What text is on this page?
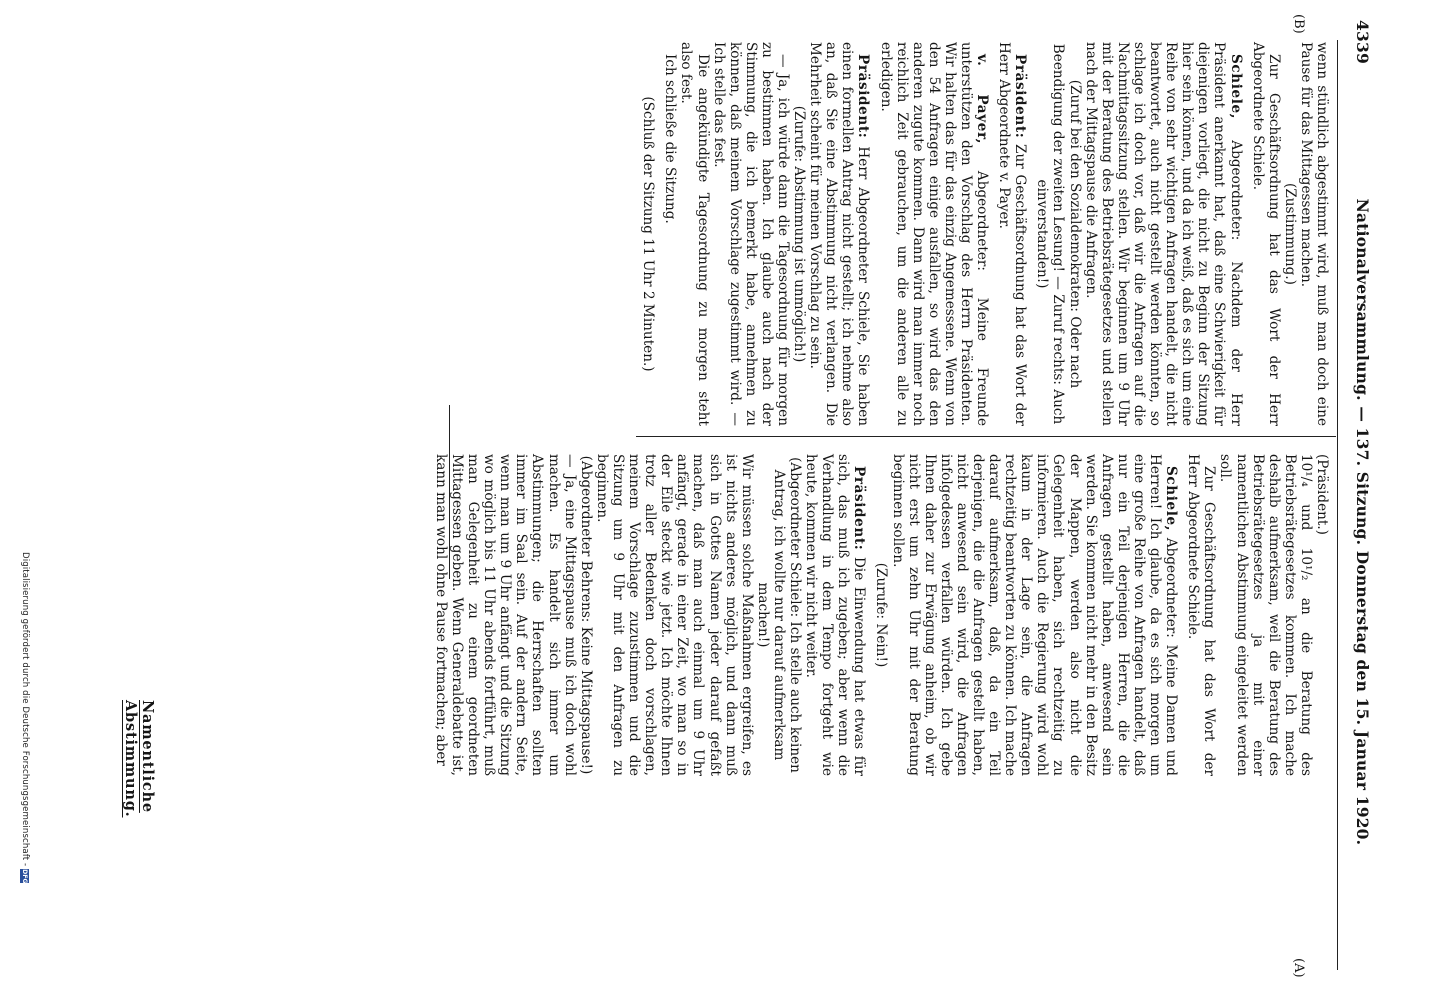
4339
Nationalversammlung. — 137. Sitzung. Donnerstag den 15. Januar 1920.
(B)
(A)

wenn stündlich abgestimmt wird, muß man doch eine Pause für das Mittagessen machen.

(Zustimmung.)

Zur Geschäftsordnung hat das Wort der Herr Abgeordnete Schiele.

Schiele, Abgeordneter: Nachdem der Herr Präsident anerkannt hat, daß eine Schwierigkeit für diejenigen vorliegt, die nicht zu Beginn der Sitzung hier sein können, und da ich weiß, daß es sich um eine Reihe von sehr wichtigen Anfragen handelt, die nicht beantwortet, auch nicht gestellt werden könnten, so schlage ich doch vor, daß wir die Anfragen auf die Nachmittagssitzung stellen. Wir beginnen um 9 Uhr mit der Beratung des Betriebsrätegesetzes und stellen nach der Mittagspause die Anfragen.

(Zuruf bei den Sozialdemokraten: Oder nach Beendigung der zweiten Lesung! — Zuruf rechts: Auch einverstanden!)

Präsident: Zur Geschäftsordnung hat das Wort der Herr Abgeordnete v. Payer.

v. Payer, Abgeordneter: Meine Freunde unterstützen den Vorschlag des Herrn Präsidenten. Wir halten das für das einzig Angemessene. Wenn von den 54 Anfragen einige ausfallen, so wird das den anderen zugute kommen. Dann wird man immer noch reichlich Zeit gebrauchen, um die anderen alle zu erledigen.

Präsident: Herr Abgeordneter Schiele, Sie haben einen formellen Antrag nicht gestellt; ich nehme also an, daß Sie eine Abstimmung nicht verlangen. Die Mehrheit scheint für meinen Vorschlag zu sein.

(Zurufe: Abstimmung ist unmöglich!)

— Ja, ich würde dann die Tagesordnung für morgen zu bestimmen haben. Ich glaube auch nach der Stimmung, die ich bemerkt habe, annehmen zu können, daß meinem Vorschlage zugestimmt wird. — Ich stelle das fest.

Die angekündigte Tagesordnung zu morgen steht also fest.

Ich schließe die Sitzung.

(Schluß der Sitzung 11 Uhr 2 Minuten.)

(Präsident.)

10¹/₄ und 10¹/₂ an die Beratung des Betriebsrätegesetzes kommen. Ich mache deshalb aufmerksam, weil die Beratung des Betriebsrätegesetzes ja mit einer namentlichen Abstimmung eingeleitet werden soll.

Zur Geschäftsordnung hat das Wort der Herr Abgeordnete Schiele.

Schiele, Abgeordneter: Meine Damen und Herren! Ich glaube, da es sich morgen um eine große Reihe von Anfragen handelt, daß nur ein Teil derjenigen Herren, die die Anfragen gestellt haben, anwesend sein werden. Sie kommen nicht mehr in den Besitz der Mappen, werden also nicht die Gelegenheit haben, sich rechtzeitig zu informieren. Auch die Regierung wird wohl kaum in der Lage sein, die Anfragen rechtzeitig beantworten zu können. Ich mache darauf aufmerksam, daß, da ein Teil derjenigen, die die Anfragen gestellt haben, nicht anwesend sein wird, die Anfragen infolgedessen verfallen würden. Ich gebe Ihnen daher zur Erwägung anheim, ob wir nicht erst um zehn Uhr mit der Beratung beginnen sollen.

(Zurufe: Nein!)

Präsident: Die Einwendung hat etwas für sich, das muß ich zugeben; aber wenn die Verhandlung in dem Tempo fortgeht wie heute, kommen wir nicht weiter.

(Abgeordneter Schiele: Ich stelle auch keinen Antrag, ich wollte nur darauf aufmerksam machen!)

Wir müssen solche Maßnahmen ergreifen, es ist nichts anderes möglich, und dann muß sich in Gottes Namen jeder darauf gefaßt machen, daß man auch einmal um 9 Uhr anfängt, gerade in einer Zeit, wo man so in der Eile steckt wie jetzt. Ich möchte Ihnen trotz aller Bedenken doch vorschlagen, meinem Vorschlage zuzustimmen und die Sitzung um 9 Uhr mit den Anfragen zu beginnen.

(Abgeordneter Behrens: Keine Mittagspause!)

— Ja, eine Mittagspause muß ich doch wohl machen. Es handelt sich immer um Abstimmungen; die Herrschaften sollten immer im Saal sein. Auf der andern Seite, wenn man um 9 Uhr anfängt und die Sitzung wo möglich bis 11 Uhr abends fortführt, muß man Gelegenheit zu einem geordneten Mittagessen geben. Wenn Generaldebatte ist, kann man wohl ohne Pause fortmachen; aber

Namentliche Abstimmung.
Digitalisierung gefördert durch die Deutsche Forschungsgemeinschaft -
DFG
